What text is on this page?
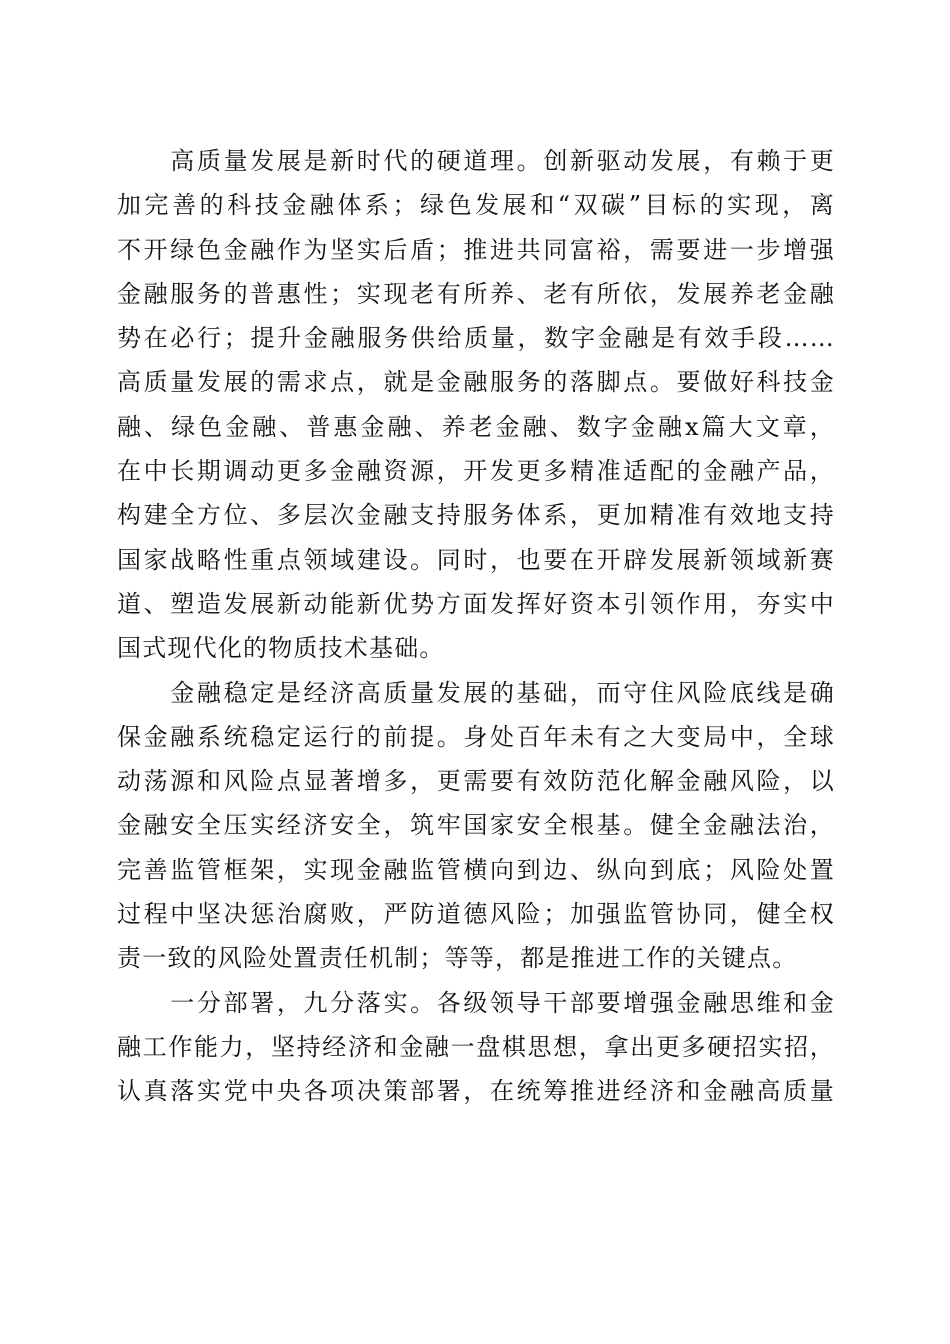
　　高质量发展是新时代的硬道理。创新驱动发展，有赖于更
加完善的科技金融体系；绿色发展和“双碳”目标的实现，离
不开绿色金融作为坚实后盾；推进共同富裕，需要进一步增强
金融服务的普惠性；实现老有所养、老有所依，发展养老金融
势在必行；提升金融服务供给质量，数字金融是有效手段……
高质量发展的需求点，就是金融服务的落脚点。要做好科技金
融、绿色金融、普惠金融、养老金融、数字金融x篇大文章，
在中长期调动更多金融资源，开发更多精准适配的金融产品，
构建全方位、多层次金融支持服务体系，更加精准有效地支持
国家战略性重点领域建设。同时，也要在开辟发展新领域新赛
道、塑造发展新动能新优势方面发挥好资本引领作用，夯实中
国式现代化的物质技术基础。
　　金融稳定是经济高质量发展的基础，而守住风险底线是确
保金融系统稳定运行的前提。身处百年未有之大变局中，全球
动荡源和风险点显著增多，更需要有效防范化解金融风险，以
金融安全压实经济安全，筑牢国家安全根基。健全金融法治，
完善监管框架，实现金融监管横向到边、纵向到底；风险处置
过程中坚决惩治腐败，严防道德风险；加强监管协同，健全权
责一致的风险处置责任机制；等等，都是推进工作的关键点。
　　一分部署，九分落实。各级领导干部要增强金融思维和金
融工作能力，坚持经济和金融一盘棋思想，拿出更多硬招实招，
认真落实党中央各项决策部署，在统筹推进经济和金融高质量
